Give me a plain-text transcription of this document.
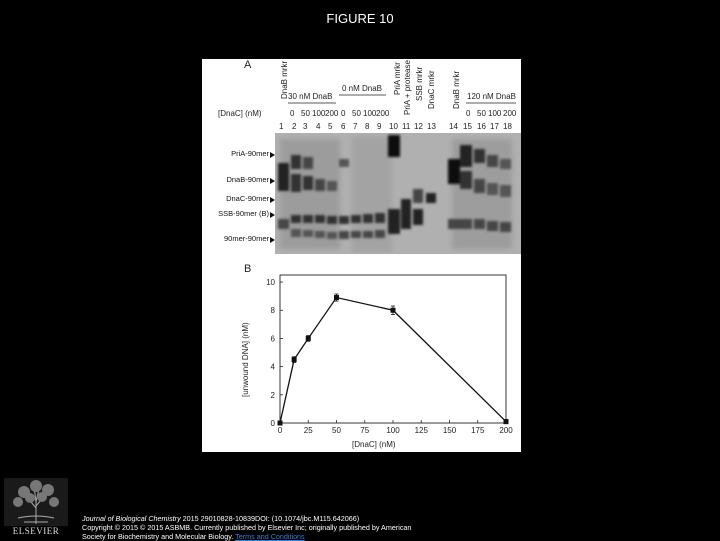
FIGURE 10
A
30 nM DnaB
0 nM DnaB
120 nM DnaB
DnaB mrkr	PriA mrkr PriA + protease SSB mrkr DnaC mrkr DnaB mrkr
[DnaC] (nM)	0 50 100 200 0 50 100 200	0 50 100 200
1 2 3 4 5 6 7 8 9 10 11 12 13 14 15 16 17 18
PriA-90mer
DnaB-90mer
DnaC-90mer
SSB-90mer (B)
90mer-90mer
B
0	25 50 75 100 125 150 175 200
0
2
4
6
8
10
[unwound DNA] (nM)
[DnaC] (nM)
ELSEVIER
Journal of Biological Chemistry 2015 29010828-10839DOI: (10.1074/jbc.M115.642066)
Copyright © 2015 © 2015 ASBMB. Currently published by Elsevier Inc; originally published by American
Society for Biochemistry and Molecular Biology. Terms and Conditions
